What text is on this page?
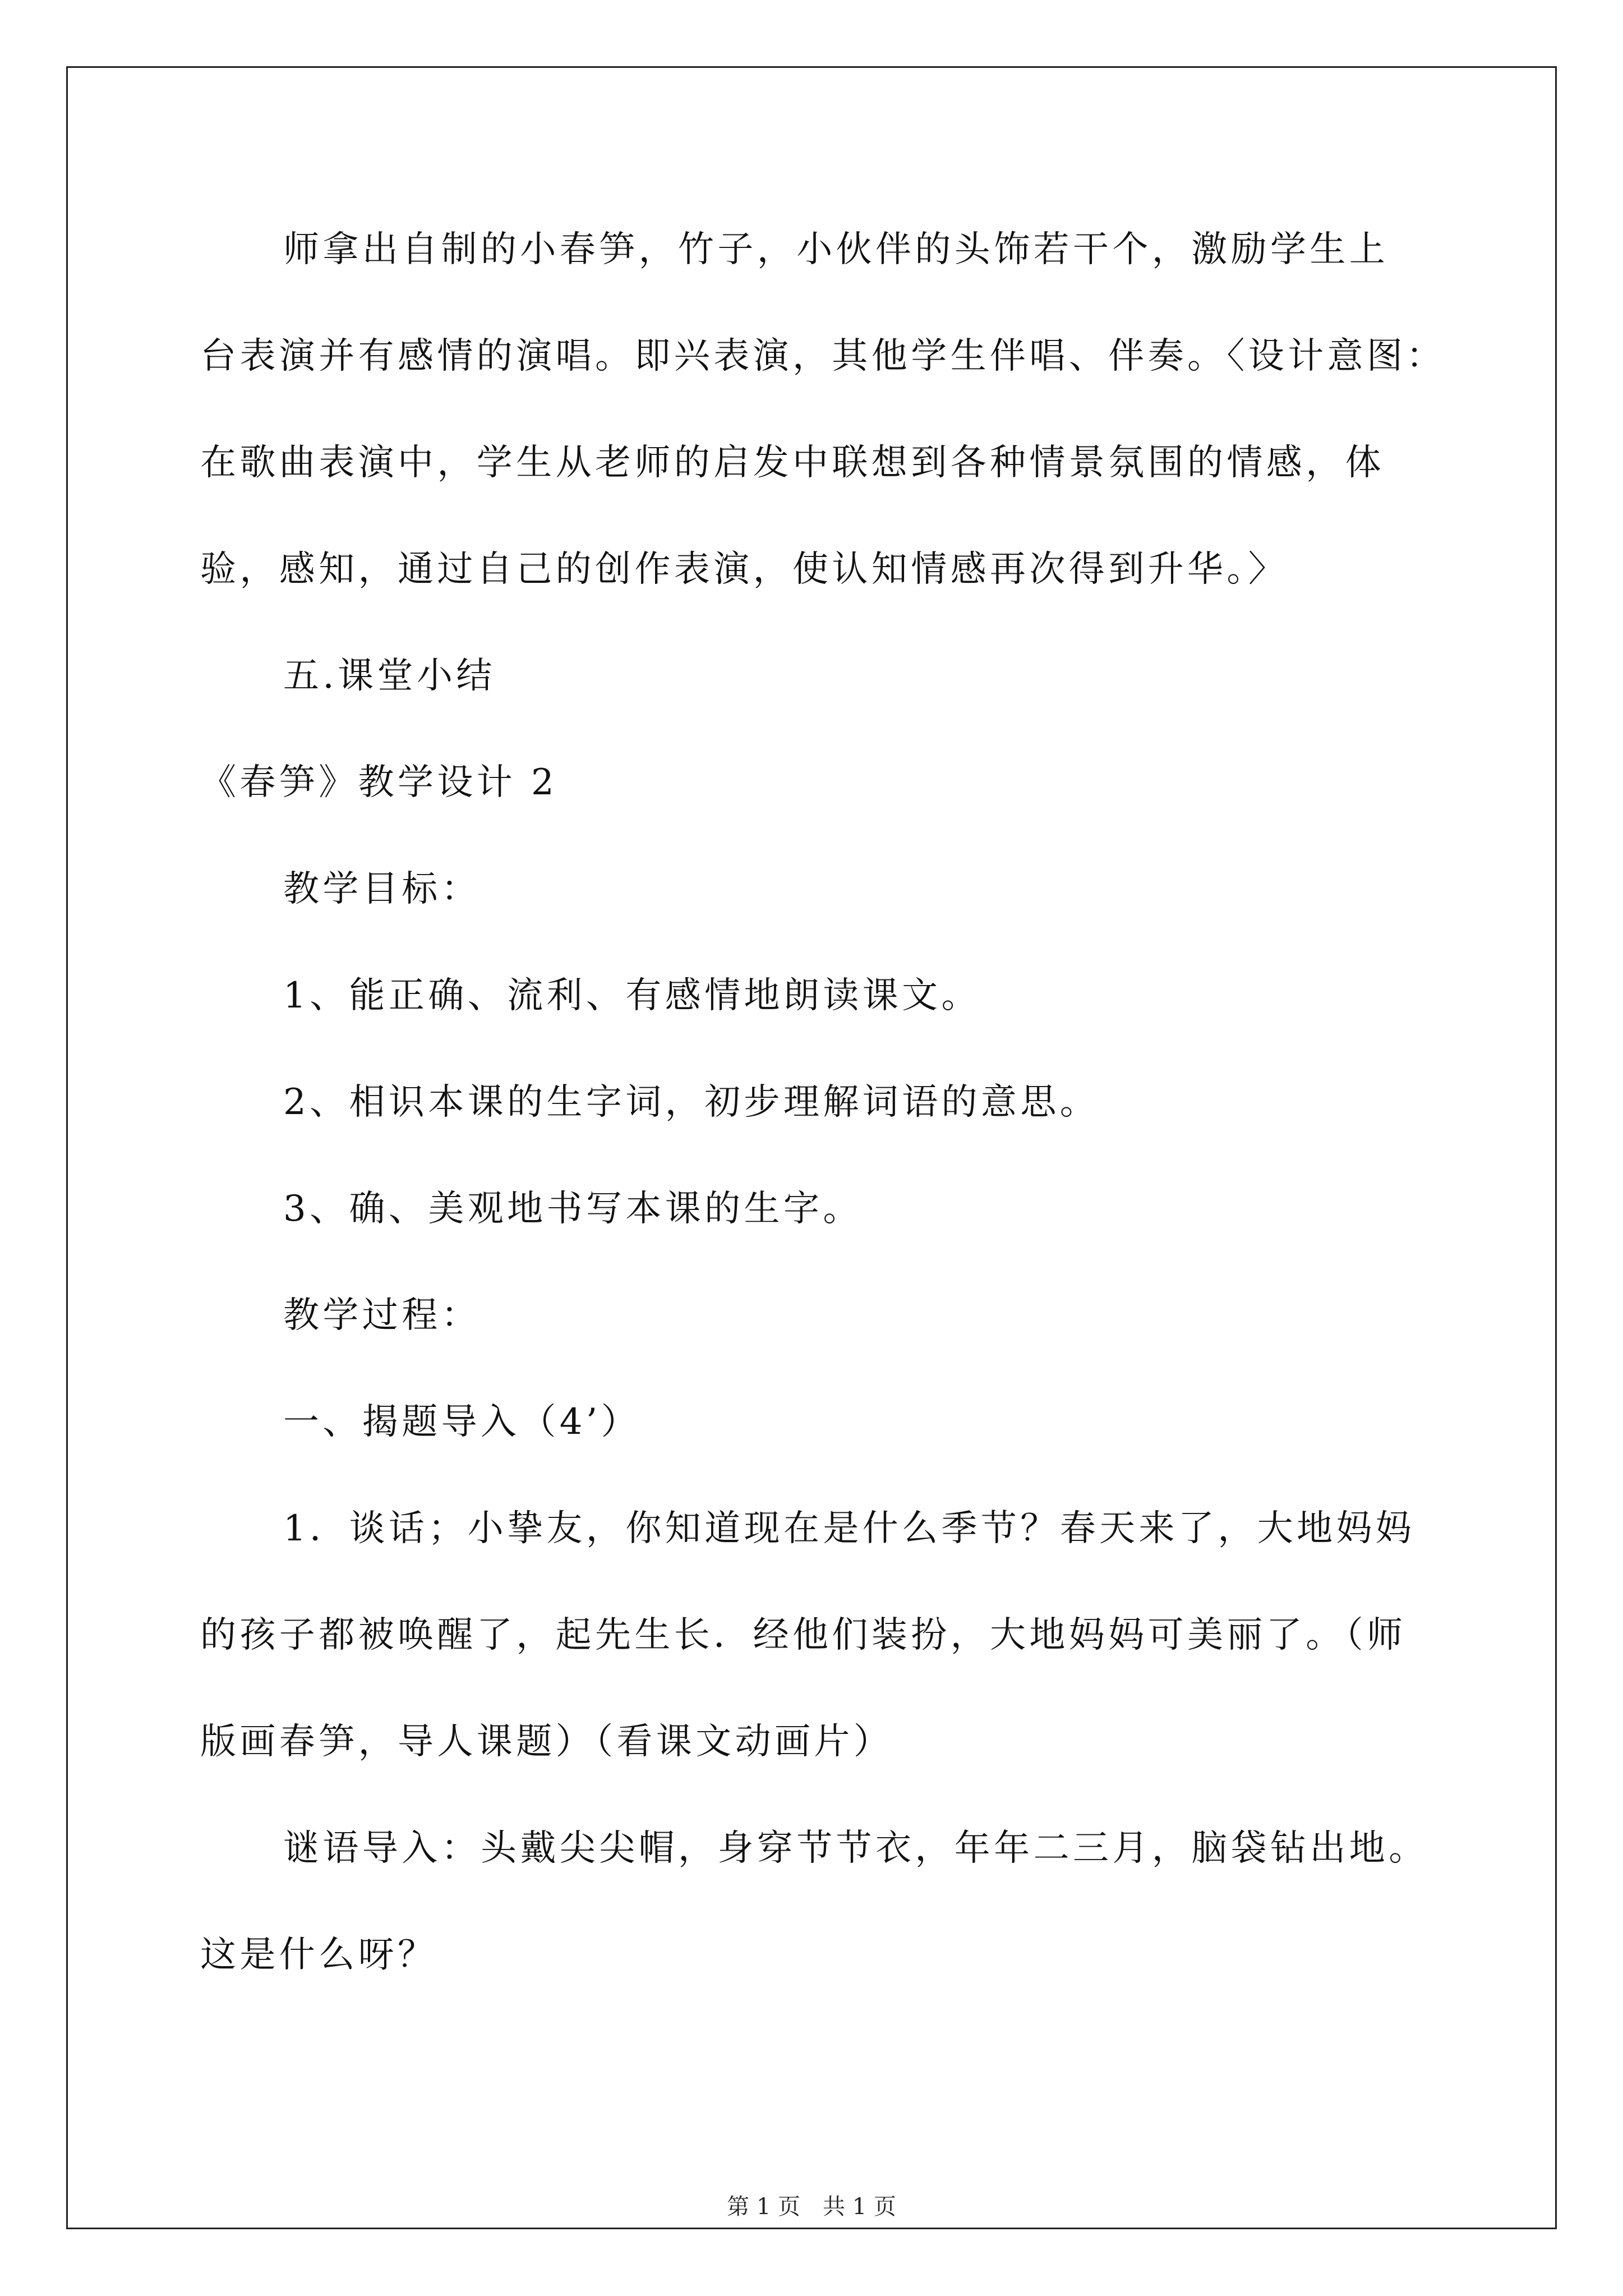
师拿出自制的小春笋，竹子，小伙伴的头饰若干个，激励学生上
台表演并有感情的演唱。即兴表演，其他学生伴唱、伴奏。〈设计意图：
在歌曲表演中，学生从老师的启发中联想到各种情景氛围的情感，体
验，感知，通过自己的创作表演，使认知情感再次得到升华。〉
五.课堂小结
《春笋》教学设计 2
教学目标：
1、能正确、流利、有感情地朗读课文。
2、相识本课的生字词，初步理解词语的意思。
3、确、美观地书写本课的生字。
教学过程：
一、揭题导入（4’）
1．谈话；小挚友，你知道现在是什么季节？春天来了，大地妈妈
的孩子都被唤醒了，起先生长．经他们装扮，大地妈妈可美丽了。（师
版画春笋，导人课题）（看课文动画片）
谜语导入：头戴尖尖帽，身穿节节衣，年年二三月，脑袋钻出地。
这是什么呀？
第 1 页　共 1 页
